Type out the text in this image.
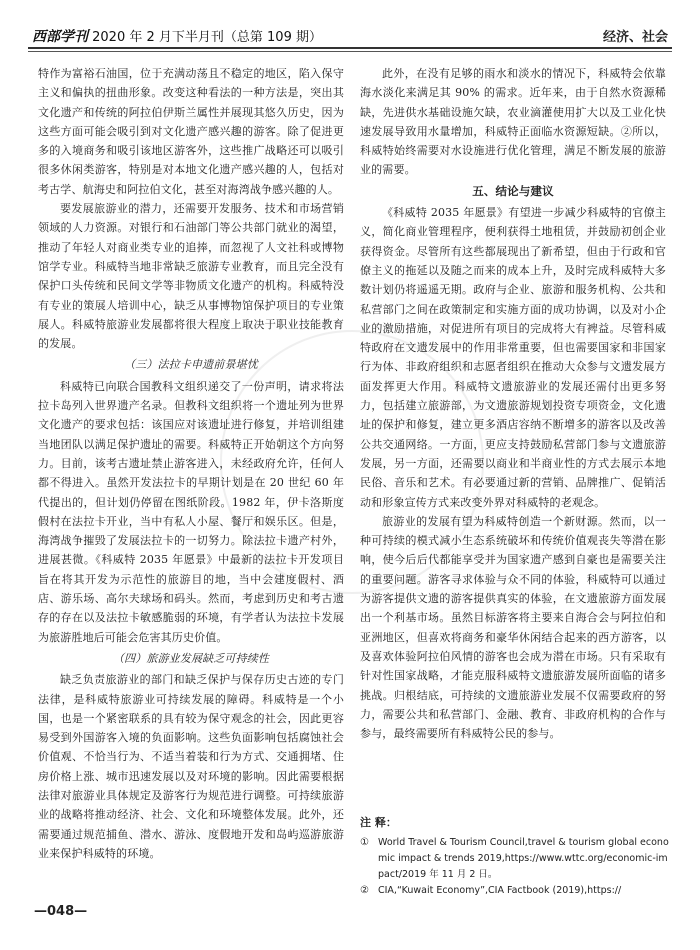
西部学刊 2020 年 2 月下半月刊（总第 109 期）	经济、社会

特作为富裕石油国，位于充满动荡且不稳定的地区，陷入保守主义和偏执的扭曲形象。改变这种看法的一种方法是，突出其文化遗产和传统的阿拉伯伊斯兰属性并展现其悠久历史，因为这些方面可能会吸引到对文化遗产感兴趣的游客。除了促进更多的入境商务和吸引该地区游客外，这些推广战略还可以吸引很多休闲类游客，特别是对本地文化遗产感兴趣的人，包括对考古学、航海史和阿拉伯文化，甚至对海湾战争感兴趣的人。

要发展旅游业的潜力，还需要开发服务、技术和市场营销领域的人力资源。对银行和石油部门等公共部门就业的渴望，推动了年轻人对商业类专业的追捧，而忽视了人文社科或博物馆学专业。科威特当地非常缺乏旅游专业教育，而且完全没有保护口头传统和民间文学等非物质文化遗产的机构。科威特没有专业的策展人培训中心，缺乏从事博物馆保护项目的专业策展人。科威特旅游业发展都将很大程度上取决于职业技能教育的发展。

（三）法拉卡申遗前景堪忧

科威特已向联合国教科文组织递交了一份声明，请求将法拉卡岛列入世界遗产名录。但教科文组织将一个遗址列为世界文化遗产的要求包括：该国应对该遗址进行修复，并培训组建当地团队以满足保护遗址的需要。科威特正开始朝这个方向努力。目前，该考古遗址禁止游客进入，未经政府允许，任何人都不得进入。虽然开发法拉卡的早期计划是在 20 世纪 60 年代提出的，但计划仍停留在图纸阶段。1982 年，伊卡洛斯度假村在法拉卡开业，当中有私人小屋、餐厅和娱乐区。但是，海湾战争摧毁了发展法拉卡的一切努力。除法拉卡遗产村外，进展甚微。《科威特 2035 年愿景》中最新的法拉卡开发项目旨在将其开发为示范性的旅游目的地，当中会建度假村、酒店、游乐场、高尔夫球场和码头。然而，考虑到历史和考古遗存的存在以及法拉卡敏感脆弱的环境，有学者认为法拉卡发展为旅游胜地后可能会危害其历史价值。

（四）旅游业发展缺乏可持续性

缺乏负责旅游业的部门和缺乏保护与保存历史古迹的专门法律，是科威特旅游业可持续发展的障碍。科威特是一个小国，也是一个紧密联系的具有较为保守观念的社会，因此更容易受到外国游客入境的负面影响。这些负面影响包括腐蚀社会价值观、不恰当行为、不适当着装和行为方式、交通拥堵、住房价格上涨、城市迅速发展以及对环境的影响。因此需要根据法律对旅游业具体规定及游客行为规范进行调整。可持续旅游业的战略将推动经济、社会、文化和环境整体发展。此外，还需要通过规范捕鱼、潜水、游泳、度假地开发和岛屿巡游旅游业来保护科威特的环境。

此外，在没有足够的雨水和淡水的情况下，科威特会依靠海水淡化来满足其 90% 的需求。近年来，由于自然水资源稀缺，先进供水基础设施欠缺，农业滴灌使用扩大以及工业化快速发展导致用水量增加，科威特正面临水资源短缺。②所以，科威特始终需要对水设施进行优化管理，满足不断发展的旅游业的需要。

五、结论与建议

《科威特 2035 年愿景》有望进一步减少科威特的官僚主义，简化商业管理程序，便利获得土地租赁，并鼓励初创企业获得资金。尽管所有这些都展现出了新希望，但由于行政和官僚主义的拖延以及随之而来的成本上升，及时完成科威特大多数计划仍将遥遥无期。政府与企业、旅游和服务机构、公共和私营部门之间在政策制定和实施方面的成功协调，以及对小企业的激励措施，对促进所有项目的完成将大有裨益。尽管科威特政府在文遗发展中的作用非常重要，但也需要国家和非国家行为体、非政府组织和志愿者组织在推动大众参与文遗发展方面发挥更大作用。科威特文遗旅游业的发展还需付出更多努力，包括建立旅游部，为文遗旅游规划投资专项资金，文化遗址的保护和修复，建立更多酒店容纳不断增多的游客以及改善公共交通网络。一方面，更应支持鼓励私营部门参与文遗旅游发展，另一方面，还需要以商业和半商业性的方式去展示本地民俗、音乐和艺术。有必要通过新的营销、品牌推广、促销活动和形象宣传方式来改变外界对科威特的老观念。

旅游业的发展有望为科威特创造一个新财源。然而，以一种可持续的模式减小生态系统破坏和传统价值观丧失等潜在影响，使今后后代都能享受并为国家遗产感到自豪也是需要关注的重要问题。游客寻求体验与众不同的体验，科威特可以通过为游客提供文遗的游客提供真实的体验，在文遗旅游方面发展出一个利基市场。虽然目标游客将主要来自海合会与阿拉伯和亚洲地区，但喜欢将商务和豪华休闲结合起来的西方游客，以及喜欢体验阿拉伯风情的游客也会成为潜在市场。只有采取有针对性国家战略，才能克服科威特文遗旅游发展所面临的诸多挑战。归根结底，可持续的文遗旅游业发展不仅需要政府的努力，需要公共和私营部门、金融、教育、非政府机构的合作与参与，最终需要所有科威特公民的参与。

注 释：
① World Travel & Tourism Council,travel & tourism global economic impact & trends 2019,https://www.wttc.org/economic-impact/2019 年 11 月 2 日。
② CIA,“Kuwait Economy”,CIA Factbook (2019),https://
—048—
